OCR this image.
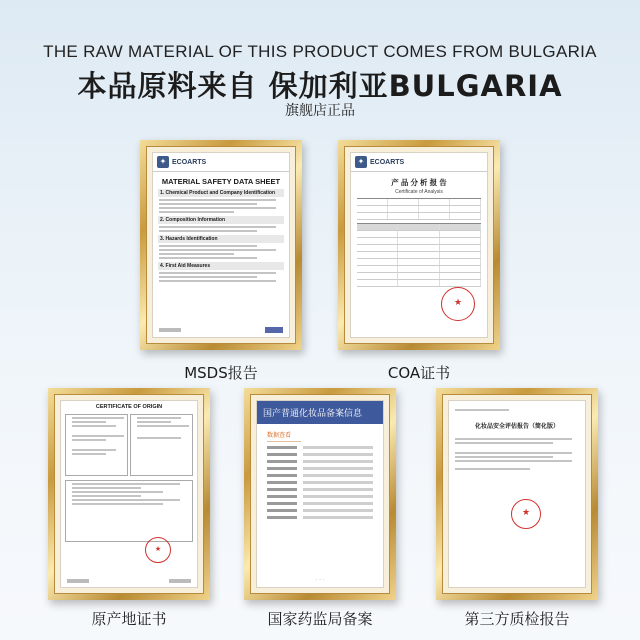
THE RAW MATERIAL OF THIS PRODUCT COMES FROM BULGARIA
本品原料来自 保加利亚BULGARIA
旗舰店正品
✦ ECOARTS
MATERIAL SAFETY DATA SHEET
1. Chemical Product and Company Identification
2. Composition Information
3. Hazards Identification
4. First Aid Measures
MSDS报告
✦ ECOARTS
产 品 分 析 报 告
Certificate of Analysis
★
COA证书
CERTIFICATE OF ORIGIN
★
原产地证书
国产普通化妆品备案信息
数据查看
· · ·
国家药监局备案
化妆品安全评估报告（简化版）
★
第三方质检报告
